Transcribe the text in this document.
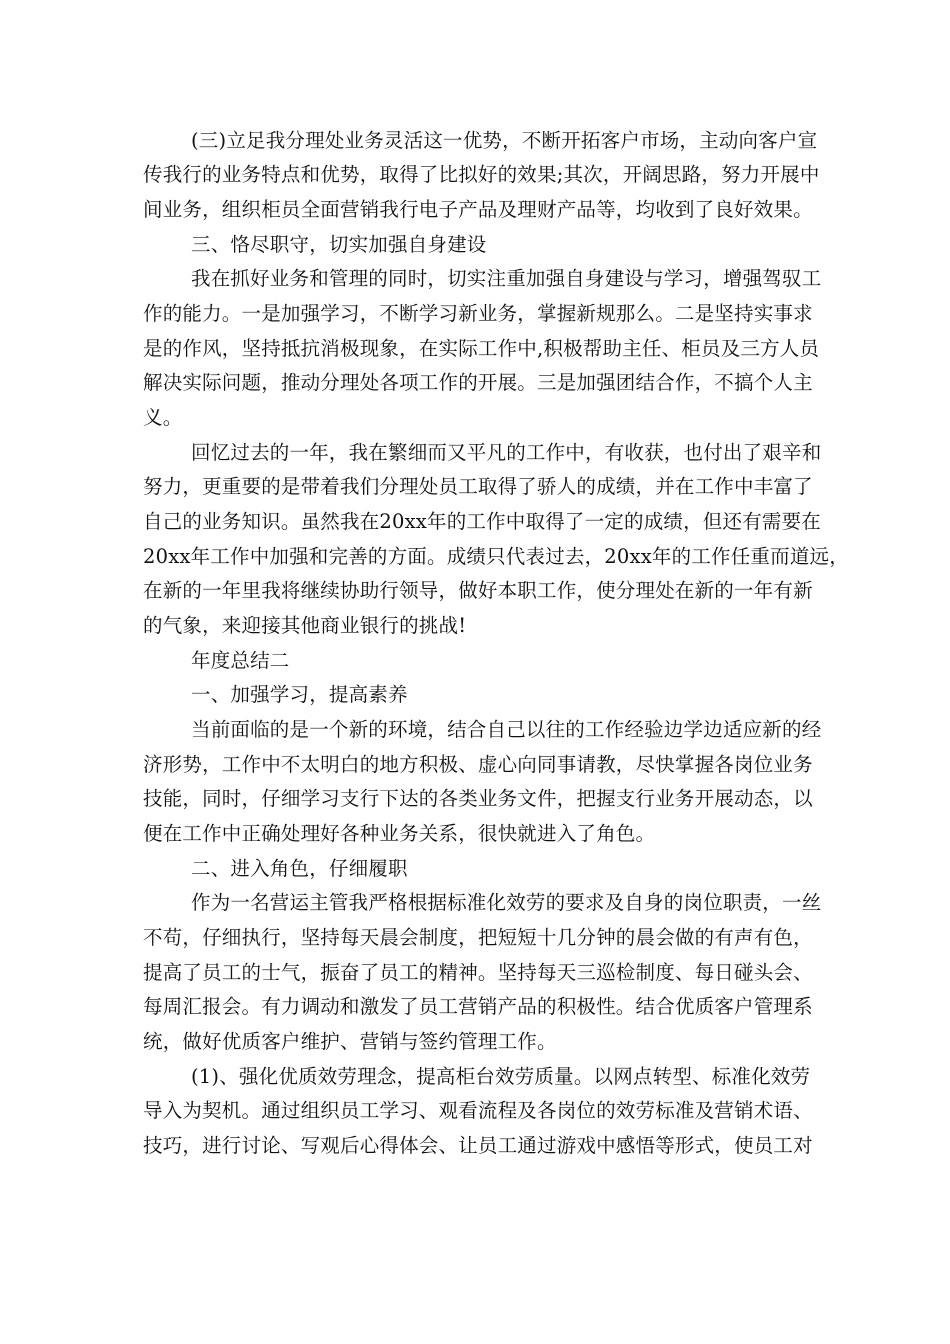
(三)立足我分理处业务灵活这一优势，不断开拓客户市场，主动向客户宣
传我行的业务特点和优势，取得了比拟好的效果;其次，开阔思路，努力开展中
间业务，组织柜员全面营销我行电子产品及理财产品等，均收到了良好效果。
三、恪尽职守，切实加强自身建设
我在抓好业务和管理的同时，切实注重加强自身建设与学习，增强驾驭工
作的能力。一是加强学习，不断学习新业务，掌握新规那么。二是坚持实事求
是的作风，坚持抵抗消极现象，在实际工作中,积极帮助主任、柜员及三方人员
解决实际问题，推动分理处各项工作的开展。三是加强团结合作，不搞个人主
义。
回忆过去的一年，我在繁细而又平凡的工作中，有收获，也付出了艰辛和
努力，更重要的是带着我们分理处员工取得了骄人的成绩，并在工作中丰富了
自己的业务知识。虽然我在20xx年的工作中取得了一定的成绩，但还有需要在
20xx年工作中加强和完善的方面。成绩只代表过去，20xx年的工作任重而道远，
在新的一年里我将继续协助行领导，做好本职工作，使分理处在新的一年有新
的气象，来迎接其他商业银行的挑战!
年度总结二
一、加强学习，提高素养
当前面临的是一个新的环境，结合自己以往的工作经验边学边适应新的经
济形势，工作中不太明白的地方积极、虚心向同事请教，尽快掌握各岗位业务
技能，同时，仔细学习支行下达的各类业务文件，把握支行业务开展动态，以
便在工作中正确处理好各种业务关系，很快就进入了角色。
二、进入角色，仔细履职
作为一名营运主管我严格根据标准化效劳的要求及自身的岗位职责，一丝
不苟，仔细执行，坚持每天晨会制度，把短短十几分钟的晨会做的有声有色，
提高了员工的士气，振奋了员工的精神。坚持每天三巡检制度、每日碰头会、
每周汇报会。有力调动和激发了员工营销产品的积极性。结合优质客户管理系
统，做好优质客户维护、营销与签约管理工作。
(1)、强化优质效劳理念，提高柜台效劳质量。以网点转型、标准化效劳
导入为契机。通过组织员工学习、观看流程及各岗位的效劳标准及营销术语、
技巧，进行讨论、写观后心得体会、让员工通过游戏中感悟等形式，使员工对
